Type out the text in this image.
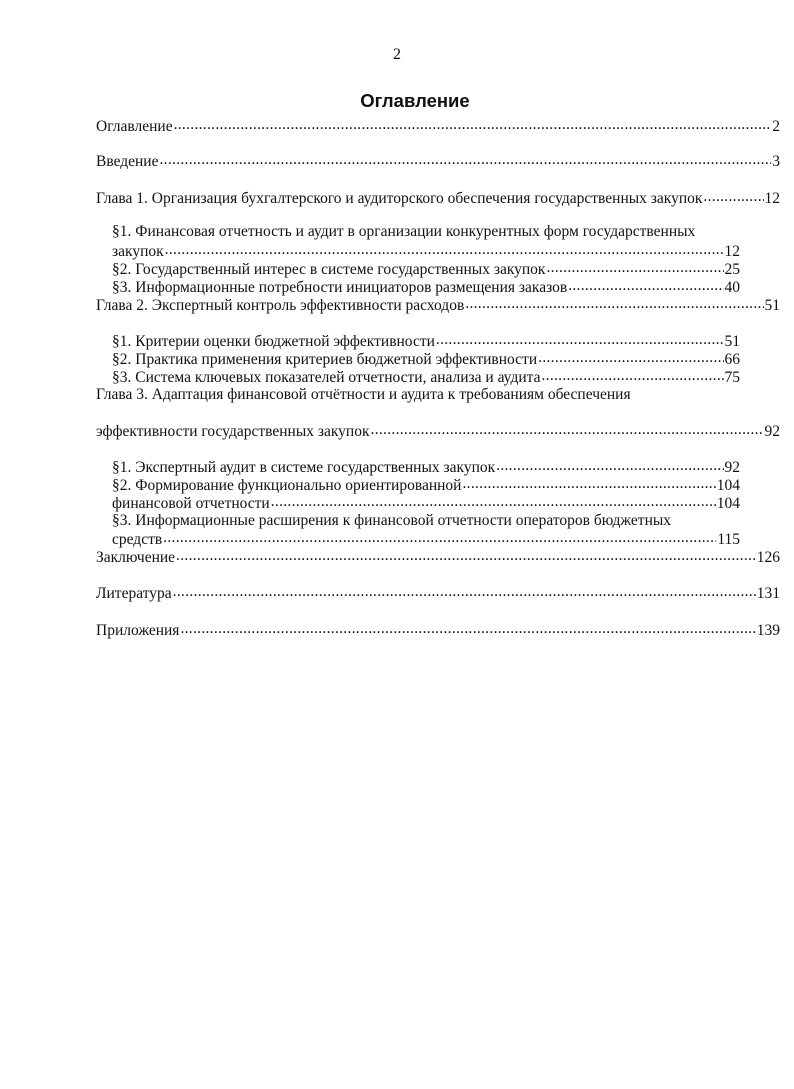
2
Оглавление
Оглавление .....	2
Введение .....	3
Глава 1. Организация бухгалтерского и аудиторского обеспечения государственных закупок .....	12
§1. Финансовая отчетность и аудит в организации конкурентных форм государственных
закупок .....	12
§2. Государственный интерес в системе государственных закупок .....	25
§3. Информационные потребности инициаторов размещения заказов .....	40
Глава 2. Экспертный контроль эффективности расходов .....	51
§1. Критерии оценки бюджетной эффективности .....	51
§2. Практика применения критериев бюджетной эффективности .....	66
§3. Система ключевых показателей отчетности, анализа и аудита .....	75
Глава 3. Адаптация финансовой отчётности и аудита к требованиям обеспечения
эффективности государственных закупок .....	92
§1. Экспертный аудит в системе государственных закупок .....	92
§2. Формирование функционально ориентированной .....	104
финансовой отчетности .....	104
§3. Информационные расширения к финансовой отчетности операторов бюджетных
средств .....	115
Заключение .....	126
Литература .....	131
Приложения .....	139
